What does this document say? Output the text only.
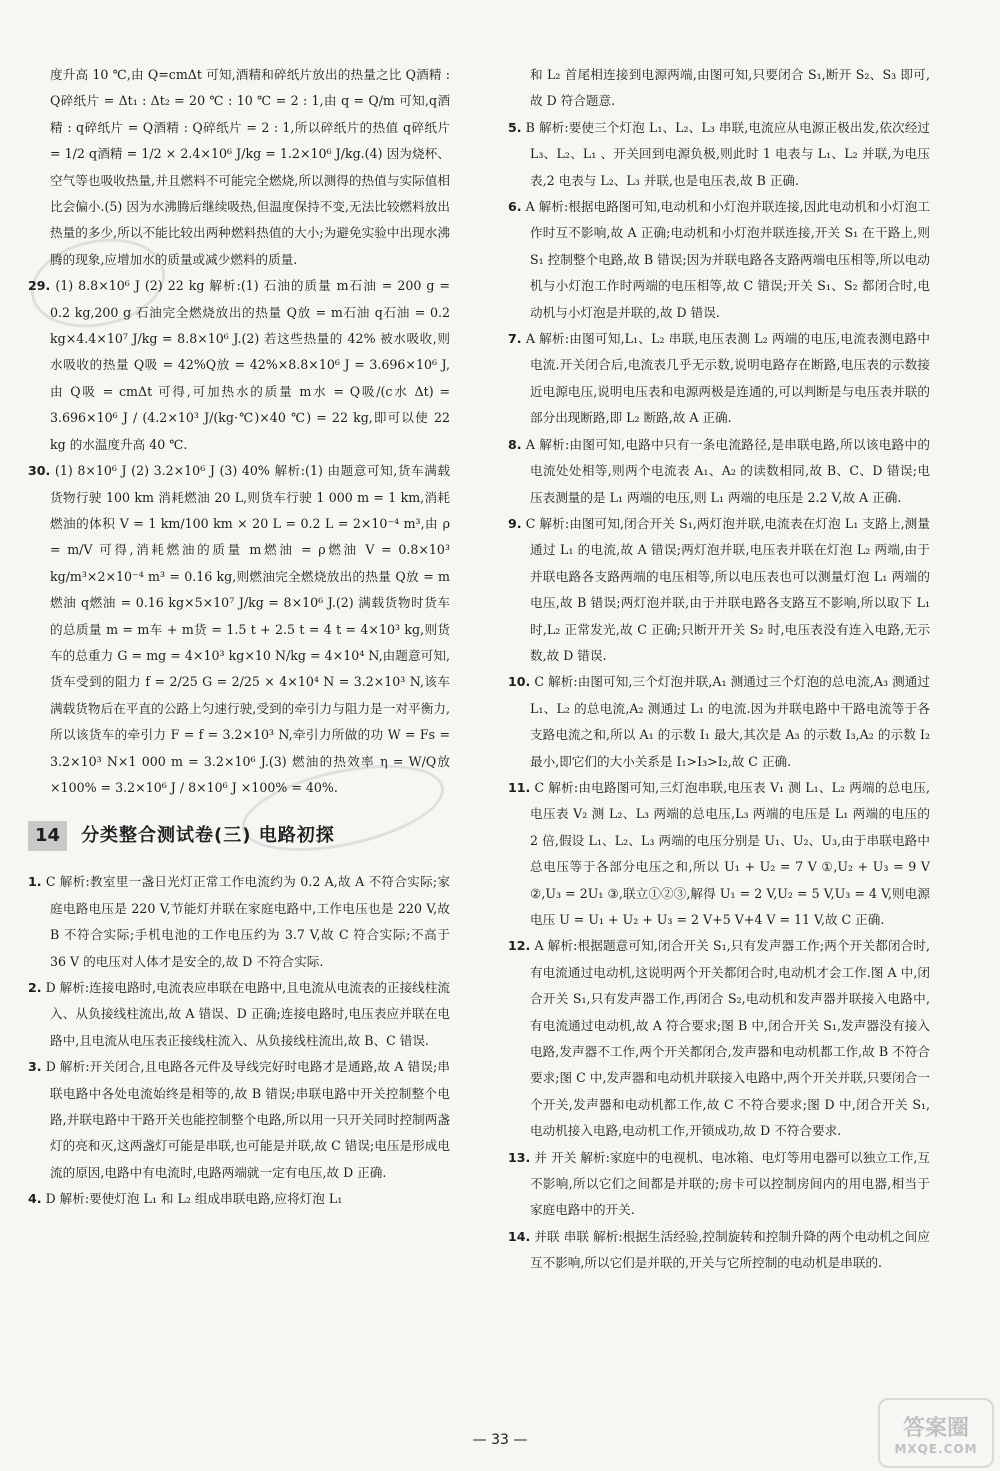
度升高 10 ℃,由 Q=cmΔt 可知,酒精和碎纸片放出的热量之比 Q酒精 : Q碎纸片 = Δt₁ : Δt₂ = 20 ℃ : 10 ℃ = 2 : 1,由 q = Q/m 可知,q酒精 : q碎纸片 = Q酒精 : Q碎纸片 = 2 : 1,所以碎纸片的热值 q碎纸片 = 1/2 q酒精 = 1/2 × 2.4×10⁶ J/kg = 1.2×10⁶ J/kg.(4) 因为烧杯、空气等也吸收热量,并且燃料不可能完全燃烧,所以测得的热值与实际值相比会偏小.(5) 因为水沸腾后继续吸热,但温度保持不变,无法比较燃料放出热量的多少,所以不能比较出两种燃料热值的大小;为避免实验中出现水沸腾的现象,应增加水的质量或减少燃料的质量.

29. (1) 8.8×10⁶ J (2) 22 kg 解析:(1) 石油的质量 m石油 = 200 g = 0.2 kg,200 g 石油完全燃烧放出的热量 Q放 = m石油 q石油 = 0.2 kg×4.4×10⁷ J/kg = 8.8×10⁶ J.(2) 若这些热量的 42% 被水吸收,则水吸收的热量 Q吸 = 42%Q放 = 42%×8.8×10⁶ J = 3.696×10⁶ J,由 Q吸 = cmΔt 可得,可加热水的质量 m水 = Q吸/(c水 Δt) = 3.696×10⁶ J / (4.2×10³ J/(kg·℃)×40 ℃) = 22 kg,即可以使 22 kg 的水温度升高 40 ℃.

30. (1) 8×10⁶ J (2) 3.2×10⁶ J (3) 40% 解析:(1) 由题意可知,货车满载货物行驶 100 km 消耗燃油 20 L,则货车行驶 1 000 m = 1 km,消耗燃油的体积 V = 1 km/100 km × 20 L = 0.2 L = 2×10⁻⁴ m³,由 ρ = m/V 可得,消耗燃油的质量 m燃油 = ρ燃油 V = 0.8×10³ kg/m³×2×10⁻⁴ m³ = 0.16 kg,则燃油完全燃烧放出的热量 Q放 = m燃油 q燃油 = 0.16 kg×5×10⁷ J/kg = 8×10⁶ J.(2) 满载货物时货车的总质量 m = m车 + m货 = 1.5 t + 2.5 t = 4 t = 4×10³ kg,则货车的总重力 G = mg = 4×10³ kg×10 N/kg = 4×10⁴ N,由题意可知,货车受到的阻力 f = 2/25 G = 2/25 × 4×10⁴ N = 3.2×10³ N,该车满载货物后在平直的公路上匀速行驶,受到的牵引力与阻力是一对平衡力,所以该货车的牵引力 F = f = 3.2×10³ N,牵引力所做的功 W = Fs = 3.2×10³ N×1 000 m = 3.2×10⁶ J.(3) 燃油的热效率 η = W/Q放 ×100% = 3.2×10⁶ J / 8×10⁶ J ×100% = 40%.

14	分类整合测试卷(三) 电路初探

1. C 解析:教室里一盏日光灯正常工作电流约为 0.2 A,故 A 不符合实际;家庭电路电压是 220 V,节能灯并联在家庭电路中,工作电压也是 220 V,故 B 不符合实际;手机电池的工作电压约为 3.7 V,故 C 符合实际;不高于 36 V 的电压对人体才是安全的,故 D 不符合实际.

2. D 解析:连接电路时,电流表应串联在电路中,且电流从电流表的正接线柱流入、从负接线柱流出,故 A 错误、D 正确;连接电路时,电压表应并联在电路中,且电流从电压表正接线柱流入、从负接线柱流出,故 B、C 错误.

3. D 解析:开关闭合,且电路各元件及导线完好时电路才是通路,故 A 错误;串联电路中各处电流始终是相等的,故 B 错误;串联电路中开关控制整个电路,并联电路中干路开关也能控制整个电路,所以用一只开关同时控制两盏灯的亮和灭,这两盏灯可能是串联,也可能是并联,故 C 错误;电压是形成电流的原因,电路中有电流时,电路两端就一定有电压,故 D 正确.

4. D 解析:要使灯泡 L₁ 和 L₂ 组成串联电路,应将灯泡 L₁

和 L₂ 首尾相连接到电源两端,由图可知,只要闭合 S₁,断开 S₂、S₃ 即可,故 D 符合题意.

5. B 解析:要使三个灯泡 L₁、L₂、L₃ 串联,电流应从电源正极出发,依次经过 L₃、L₂、L₁ 、开关回到电源负极,则此时 1 电表与 L₁、L₂ 并联,为电压表,2 电表与 L₂、L₃ 并联,也是电压表,故 B 正确.

6. A 解析:根据电路图可知,电动机和小灯泡并联连接,因此电动机和小灯泡工作时互不影响,故 A 正确;电动机和小灯泡并联连接,开关 S₁ 在干路上,则 S₁ 控制整个电路,故 B 错误;因为并联电路各支路两端电压相等,所以电动机与小灯泡工作时两端的电压相等,故 C 错误;开关 S₁、S₂ 都闭合时,电动机与小灯泡是并联的,故 D 错误.

7. A 解析:由图可知,L₁、L₂ 串联,电压表测 L₂ 两端的电压,电流表测电路中电流.开关闭合后,电流表几乎无示数,说明电路存在断路,电压表的示数接近电源电压,说明电压表和电源两极是连通的,可以判断是与电压表并联的部分出现断路,即 L₂ 断路,故 A 正确.

8. A 解析:由图可知,电路中只有一条电流路径,是串联电路,所以该电路中的电流处处相等,则两个电流表 A₁、A₂ 的读数相同,故 B、C、D 错误;电压表测量的是 L₁ 两端的电压,则 L₁ 两端的电压是 2.2 V,故 A 正确.

9. C 解析:由图可知,闭合开关 S₁,两灯泡并联,电流表在灯泡 L₁ 支路上,测量通过 L₁ 的电流,故 A 错误;两灯泡并联,电压表并联在灯泡 L₂ 两端,由于并联电路各支路两端的电压相等,所以电压表也可以测量灯泡 L₁ 两端的电压,故 B 错误;两灯泡并联,由于并联电路各支路互不影响,所以取下 L₁ 时,L₂ 正常发光,故 C 正确;只断开开关 S₂ 时,电压表没有连入电路,无示数,故 D 错误.

10. C 解析:由图可知,三个灯泡并联,A₁ 测通过三个灯泡的总电流,A₃ 测通过 L₁、L₂ 的总电流,A₂ 测通过 L₁ 的电流.因为并联电路中干路电流等于各支路电流之和,所以 A₁ 的示数 I₁ 最大,其次是 A₃ 的示数 I₃,A₂ 的示数 I₂ 最小,即它们的大小关系是 I₁>I₃>I₂,故 C 正确.

11. C 解析:由电路图可知,三灯泡串联,电压表 V₁ 测 L₁、L₂ 两端的总电压,电压表 V₂ 测 L₂、L₃ 两端的总电压,L₃ 两端的电压是 L₁ 两端的电压的 2 倍,假设 L₁、L₂、L₃ 两端的电压分别是 U₁、U₂、U₃,由于串联电路中总电压等于各部分电压之和,所以 U₁ + U₂ = 7 V ①,U₂ + U₃ = 9 V ②,U₃ = 2U₁ ③,联立①②③,解得 U₁ = 2 V,U₂ = 5 V,U₃ = 4 V,则电源电压 U = U₁ + U₂ + U₃ = 2 V+5 V+4 V = 11 V,故 C 正确.

12. A 解析:根据题意可知,闭合开关 S₁,只有发声器工作;两个开关都闭合时,有电流通过电动机,这说明两个开关都闭合时,电动机才会工作.图 A 中,闭合开关 S₁,只有发声器工作,再闭合 S₂,电动机和发声器并联接入电路中,有电流通过电动机,故 A 符合要求;图 B 中,闭合开关 S₁,发声器没有接入电路,发声器不工作,两个开关都闭合,发声器和电动机都工作,故 B 不符合要求;图 C 中,发声器和电动机并联接入电路中,两个开关并联,只要闭合一个开关,发声器和电动机都工作,故 C 不符合要求;图 D 中,闭合开关 S₁,电动机接入电路,电动机工作,开锁成功,故 D 不符合要求.

13. 并 开关 解析:家庭中的电视机、电冰箱、电灯等用电器可以独立工作,互不影响,所以它们之间都是并联的;房卡可以控制房间内的用电器,相当于家庭电路中的开关.

14. 并联 串联 解析:根据生活经验,控制旋转和控制升降的两个电动机之间应互不影响,所以它们是并联的,开关与它所控制的电动机是串联的.

— 33 —	答案圈
MXQE.COM
